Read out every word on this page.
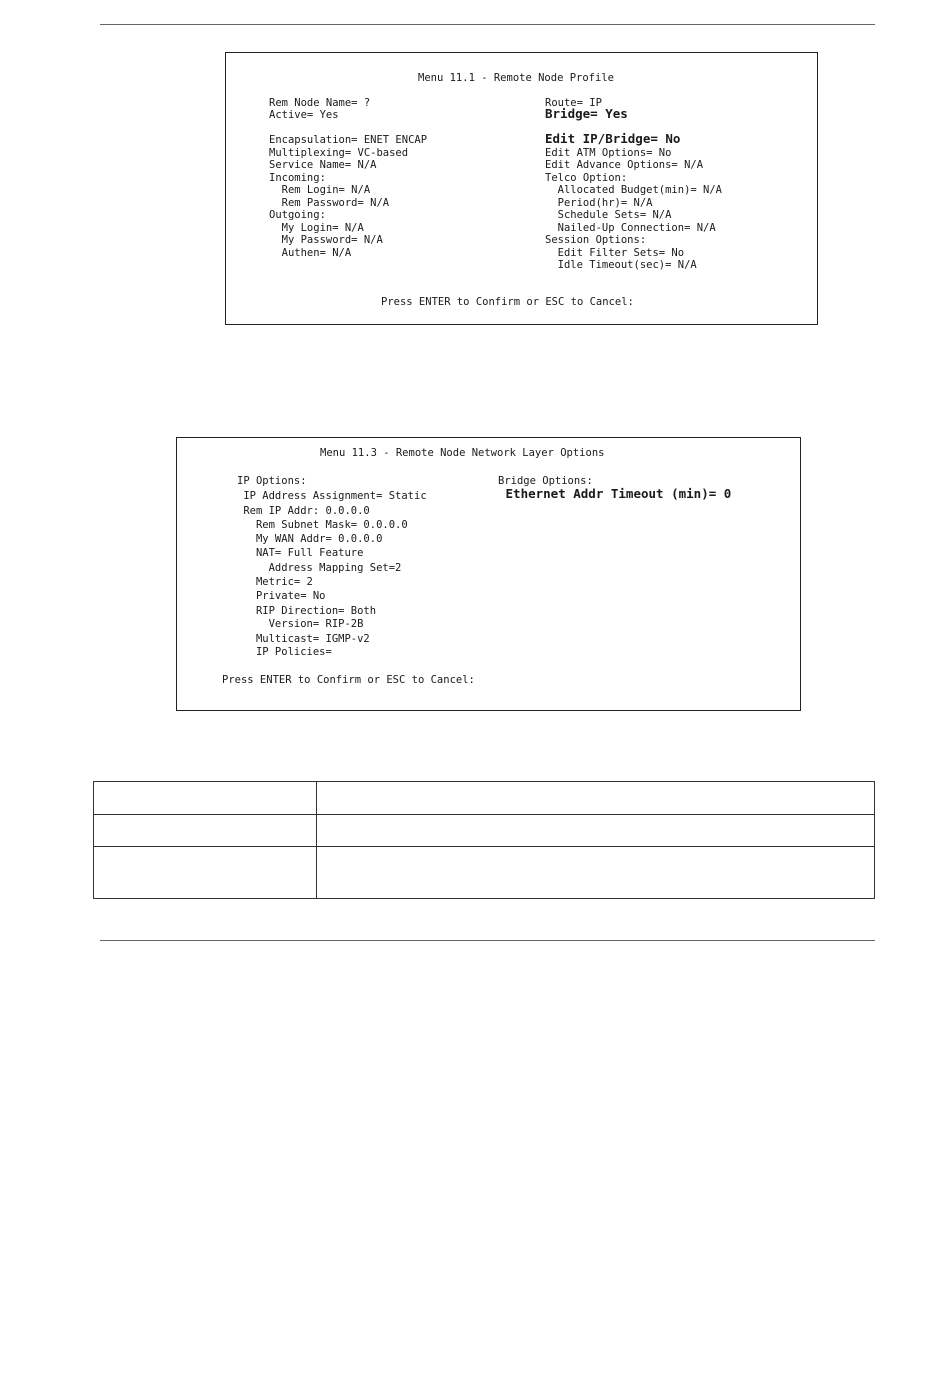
Menu 11.1 - Remote Node Profile
Rem Node Name= ?
Active= Yes
Encapsulation= ENET ENCAP
Multiplexing= VC-based
Service Name= N/A
Incoming:
Rem Login= N/A
Rem Password= N/A
Outgoing:
My Login= N/A
My Password= N/A
Authen= N/A
Route= IP
Bridge= Yes
Edit IP/Bridge= No
Edit ATM Options= No
Edit Advance Options= N/A
Telco Option:
Allocated Budget(min)= N/A
Period(hr)= N/A
Schedule Sets= N/A
Nailed-Up Connection= N/A
Session Options:
Edit Filter Sets= No
Idle Timeout(sec)= N/A
Press ENTER to Confirm or ESC to Cancel:
Menu 11.3 - Remote Node Network Layer Options
IP Options:
IP Address Assignment= Static
Rem IP Addr: 0.0.0.0
Rem Subnet Mask= 0.0.0.0
My WAN Addr= 0.0.0.0
NAT= Full Feature
Address Mapping Set=2
Metric= 2
Private= No
RIP Direction= Both
Version= RIP-2B
Multicast= IGMP-v2
IP Policies=
Bridge Options:
Ethernet Addr Timeout (min)= 0
Press ENTER to Confirm or ESC to Cancel:
